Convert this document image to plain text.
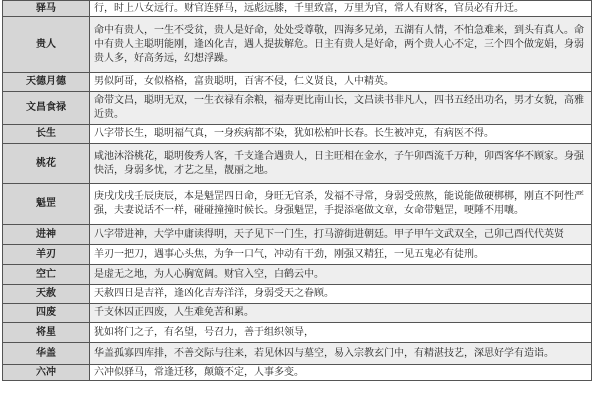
驿马	行，时上八女远行。财官连驿马，远彪远膝，千里致富，万里为官，常人有财客，官员必有升迁。
贵人	命中有贵人，一生不受贫，贵人是好命，处处受尊敬，四海多兄弟，五湖有人情，不怕急难来，到头有真人。命中有贵人主聪明能刚，逢凶化吉，遇人提拔解危。日主有贵人是好命，两个贵人心不定，三个四个做宠娟，身弱贵人多，好高务远，幻想浮躁。
天德月德	男似阿哥，女似格格，富贵聪明，百害不侵，仁义贤良，人中精英。
文昌食禄	命带文昌，聪明无双，一生衣禄有余粮，福寿更比南山长，文昌读书非凡人，四书五经出功名，男才女貌，高雅近贵。
长生	八字带长生，聪明福气真，一身疾病都不染，犹如松柏叶长春。长生被冲克，有病医不得。
桃花	咸池沐浴桃花，聪明俊秀人客，千支逢合遇贵人，日主旺相在金水，子午卯酉流千万种，卯酉客华不顾家。身强快活，身弱多忧，才艺之星，靓丽之地。
魁罡	庚戌戊戌壬辰庚辰，本是魁罡四日命，身旺无官杀，发福不寻常，身弱受煎熬，能说能做硬梆梆，刚直不阿性严强，夫妻说话不一样，碰碰撞撞时候长。身强魁罡，手提添毫做文章，女命带魁罡，哽陲不用嚷。
进神	八字带进神，大学中庸读得明，天子见下一门生，打马游街进朝廷。甲子甲午文武双全，己卯己酉代代英贤
羊刃	羊刃一把刀，遇事心头焦，为争一口气，冲动有干劲，刚强又精狂，一见五鬼必有徒刑。
空亡	是虚无之地，为人心胸宽阔。财官入空，白鹤云中。
天赦	天赦四日是吉祥，逢凶化吉寿洋洋，身弱受天之眷顾。
四废	千支休囚正四废，人生难免苦和累。
将星	犹如将门之子，有名望，号召力，善于组织领导，
华盖	华盖孤寡四库排，不善交际与往来，若见休囚与墓空，易入宗教玄门中，有精湛技艺，深思好学有造诣。
六冲	六冲似驿马，常逢迁移，颠簸不定，人事多变。
